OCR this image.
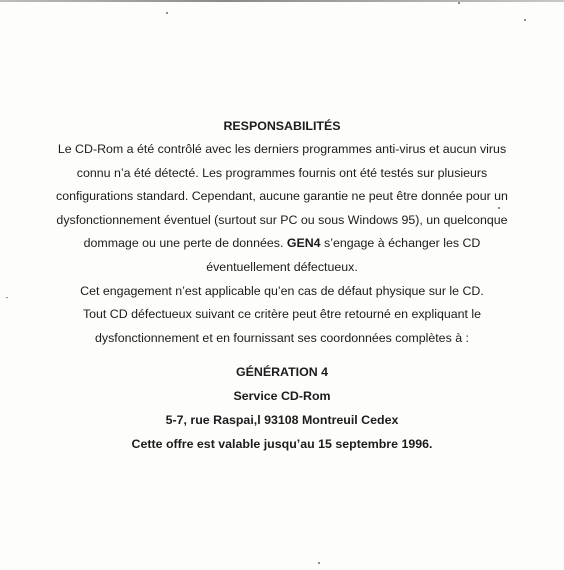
RESPONSABILITÉS
Le CD-Rom a été contrôlé avec les derniers programmes anti-virus et aucun virus
connu n’a été détecté. Les programmes fournis ont été testés sur plusieurs
configurations standard. Cependant, aucune garantie ne peut être donnée pour un
dysfonctionnement éventuel (surtout sur PC ou sous Windows 95), un quelconque
dommage ou une perte de données. GEN4 s’engage à échanger les CD
éventuellement défectueux.
Cet engagement n’est applicable qu’en cas de défaut physique sur le CD.
Tout CD défectueux suivant ce critère peut être retourné en expliquant le
dysfonctionnement et en fournissant ses coordonnées complètes à :
GÉNÉRATION 4
Service CD-Rom
5-7, rue Raspai,l 93108 Montreuil Cedex
Cette offre est valable jusqu’au 15 septembre 1996.
